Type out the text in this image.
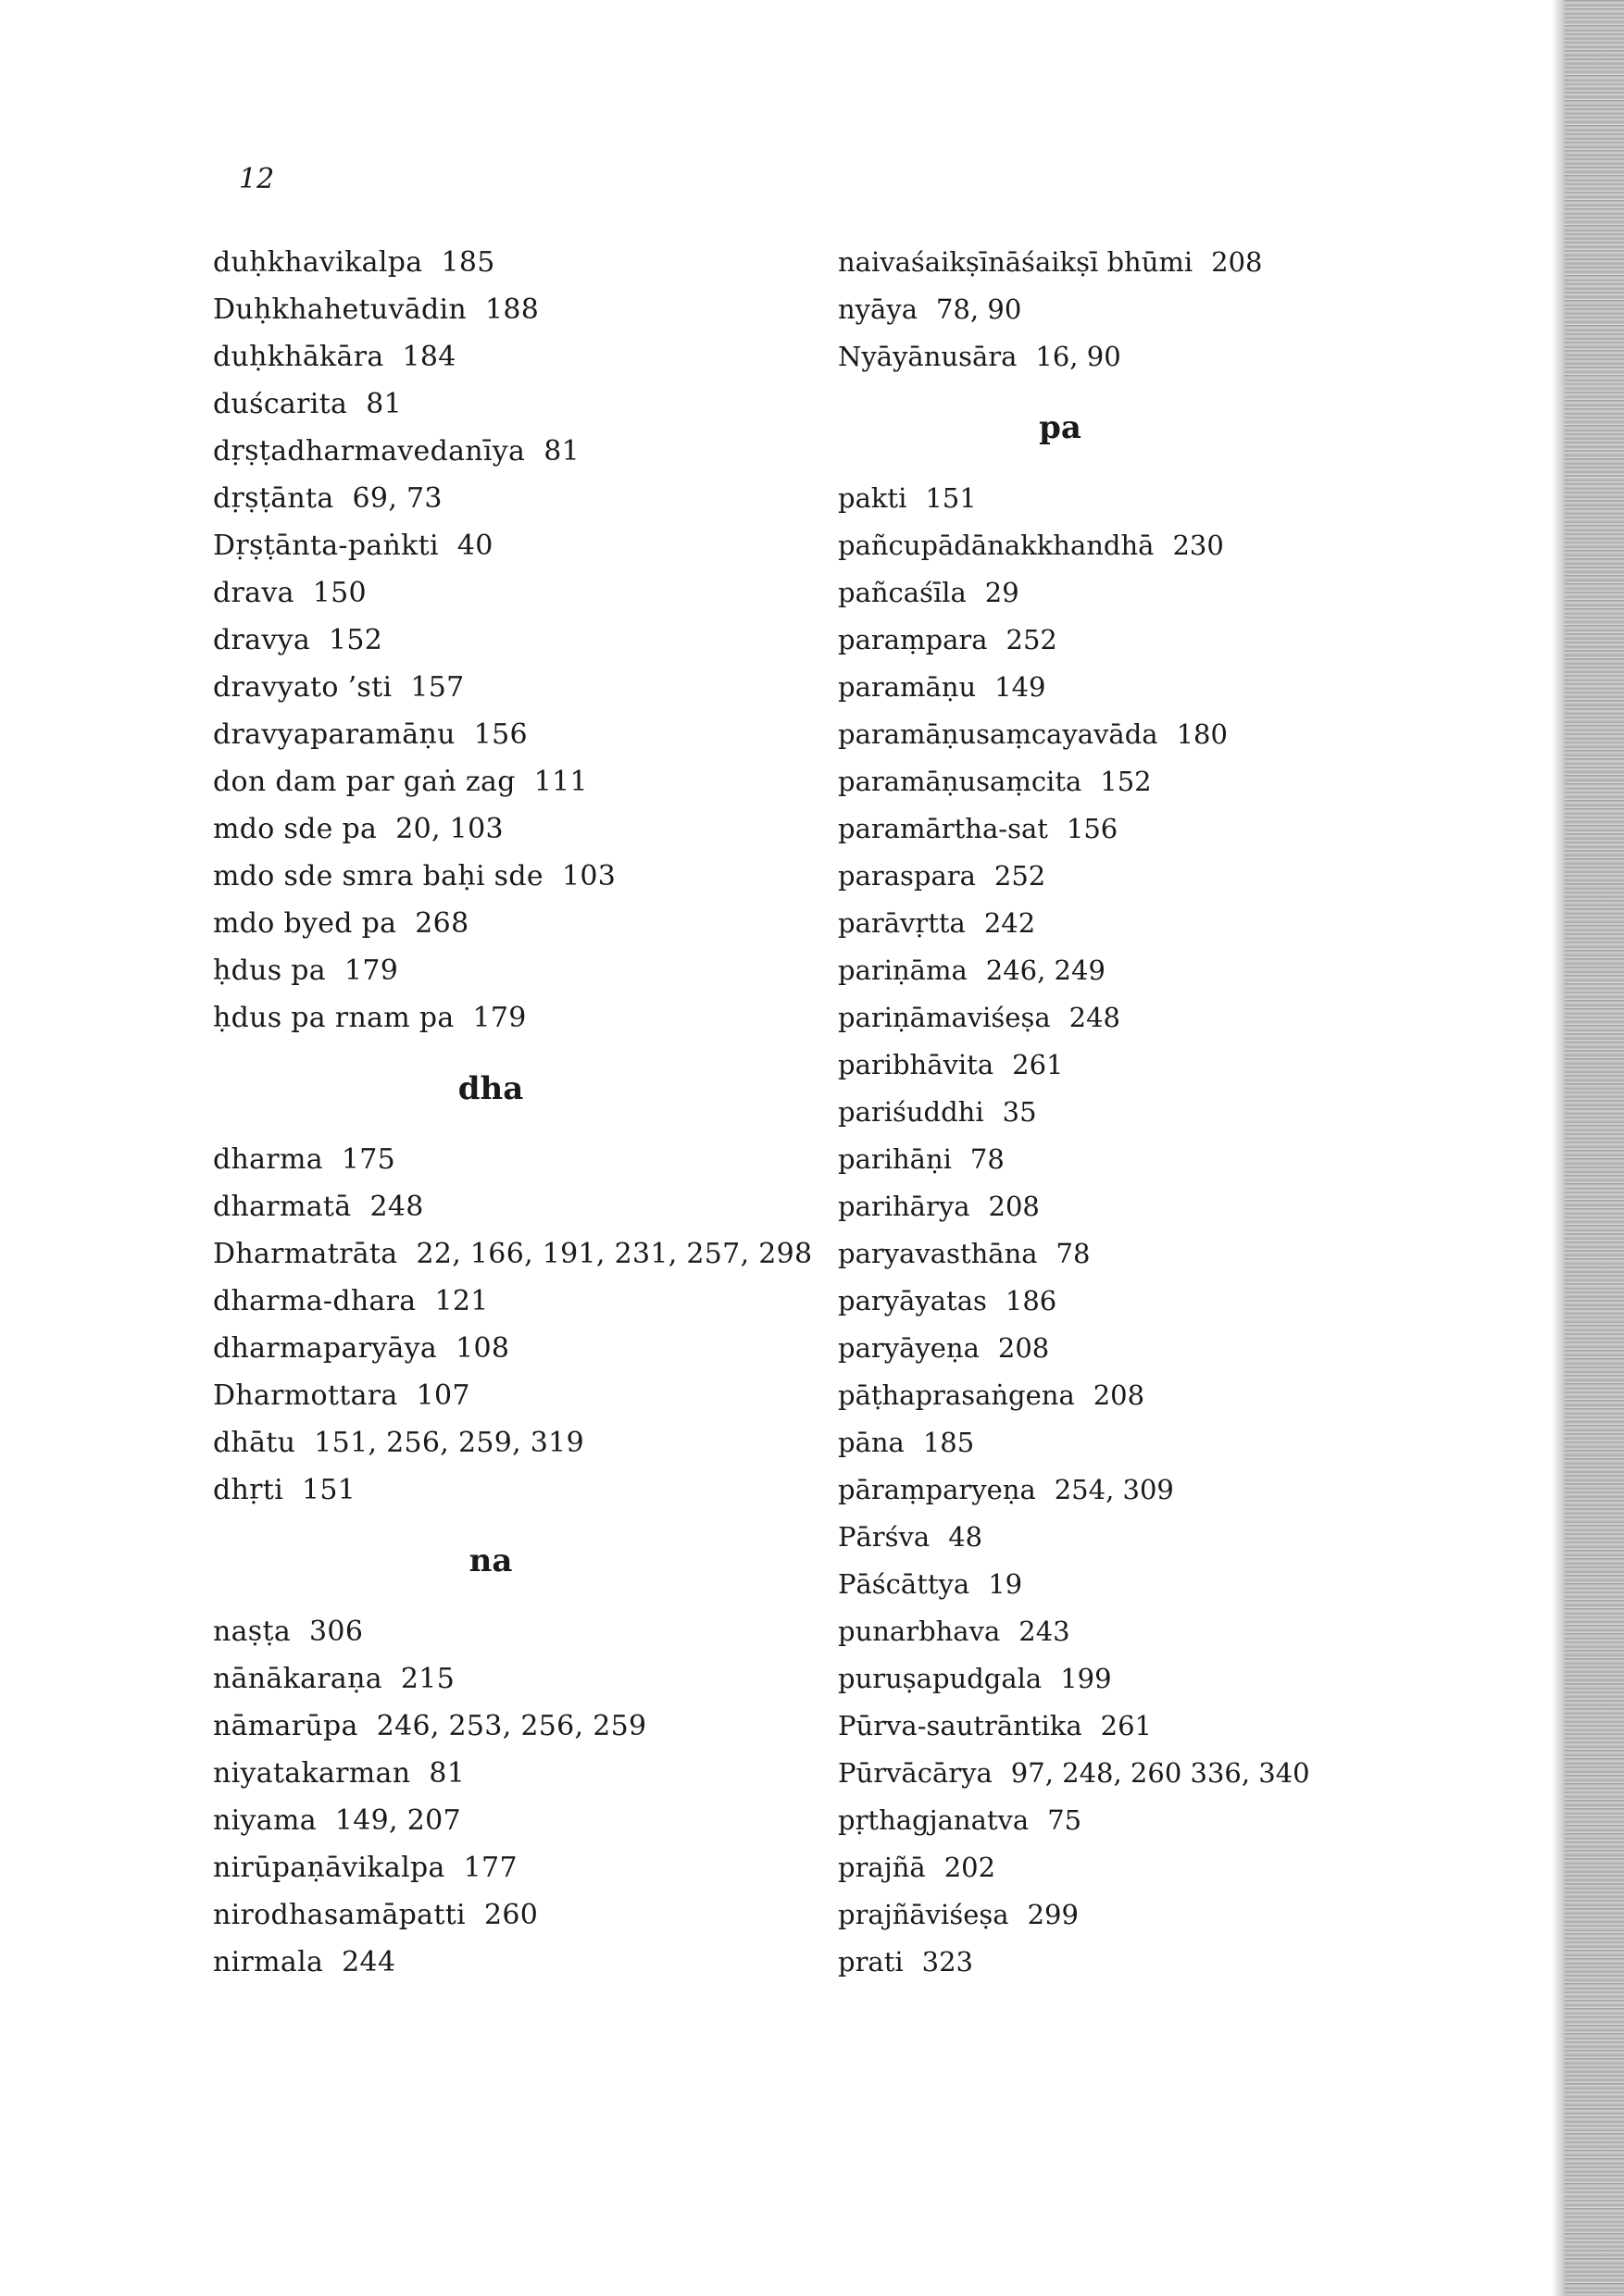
12
duḥkhavikalpa 185
Duḥkhahetuvādin 188
duḥkhākāra 184
duścarita 81
dṛṣṭadharmavedanīya 81
dṛṣṭānta 69, 73
Dṛṣṭānta-paṅkti 40
drava 150
dravya 152
dravyato ’sti 157
dravyaparamāṇu 156
don dam par gaṅ zag 111
mdo sde pa 20, 103
mdo sde smra baḥi sde 103
mdo byed pa 268
ḥdus pa 179
ḥdus pa rnam pa 179
dha
dharma 175
dharmatā 248
Dharmatrāta 22, 166, 191, 231, 257, 298
dharma-dhara 121
dharmaparyāya 108
Dharmottara 107
dhātu 151, 256, 259, 319
dhṛti 151
na
naṣṭa 306
nānākaraṇa 215
nāmarūpa 246, 253, 256, 259
niyatakarman 81
niyama 149, 207
nirūpaṇāvikalpa 177
nirodhasamāpatti 260
nirmala 244
naivaśaikṣīnāśaikṣī bhūmi 208
nyāya 78, 90
Nyāyānusāra 16, 90
pa
pakti 151
pañcupādānakkhandhā 230
pañcaśīla 29
paraṃpara 252
paramāṇu 149
paramāṇusaṃcayavāda 180
paramāṇusaṃcita 152
paramārtha-sat 156
paraspara 252
parāvṛtta 242
pariṇāma 246, 249
pariṇāmaviśeṣa 248
paribhāvita 261
pariśuddhi 35
parihāṇi 78
parihārya 208
paryavasthāna 78
paryāyatas 186
paryāyeṇa 208
pāṭhaprasaṅgena 208
pāna 185
pāraṃparyeṇa 254, 309
Pārśva 48
Pāścāttya 19
punarbhava 243
puruṣapudgala 199
Pūrva-sautrāntika 261
Pūrvācārya 97, 248, 260 336, 340
pṛthagjanatva 75
prajñā 202
prajñāviśeṣa 299
prati 323
